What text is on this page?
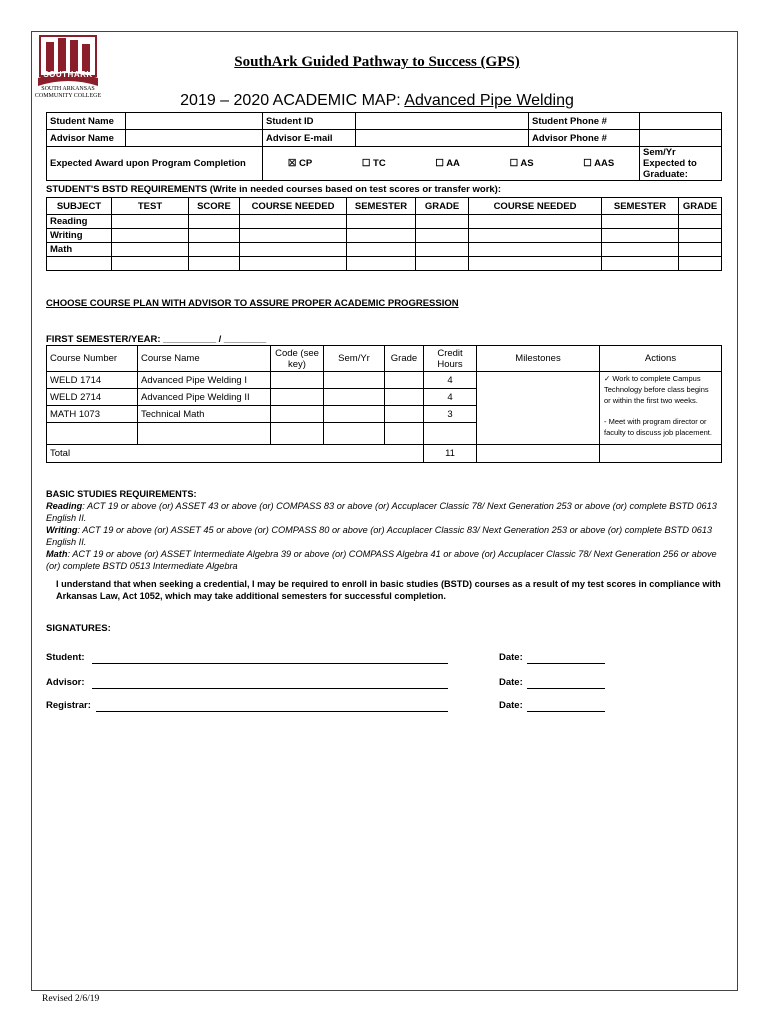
SOUTHARK
SOUTH ARKANSAS
COMMUNITY COLLEGE
SouthArk Guided Pathway to Success (GPS)
2019 – 2020 ACADEMIC MAP: Advanced Pipe Welding
Student Name		Student ID		Student Phone #	
Advisor Name		Advisor E-mail		Advisor Phone #	
Expected Award upon Program Completion		☒ CP ☐ TC ☐ AA ☐ AS ☐ AAS			Sem/Yr Expected to Graduate:
STUDENT'S BSTD REQUIREMENTS (Write in needed courses based on test scores or transfer work):
SUBJECT	TEST	SCORE	COURSE NEEDED	SEMESTER	GRADE	COURSE NEEDED	SEMESTER	GRADE
Reading								
Writing								
Math								

CHOOSE COURSE PLAN WITH ADVISOR TO ASSURE PROPER ACADEMIC PROGRESSION
FIRST SEMESTER/YEAR: __________ / ________
Course Number	Course Name	Code (see key)	Sem/Yr	Grade	Credit Hours	Milestones	Actions
WELD 1714	Advanced Pipe Welding I				4		✓ Work to complete Campus Technology before class begins or within the first two weeks.
- Meet with program director or faculty to discuss job placement.

WELD 2714	Advanced Pipe Welding II				4		
MATH 1073	Technical Math				3		

Total					11		
BASIC STUDIES REQUIREMENTS:
Reading: ACT 19 or above (or) ASSET 43 or above (or) COMPASS 83 or above (or) Accuplacer Classic 78/ Next Generation 253 or above (or) complete BSTD 0613 English II.
Writing: ACT 19 or above (or) ASSET 45 or above (or) COMPASS 80 or above (or) Accuplacer Classic 83/ Next Generation 253 or above (or) complete BSTD 0613 English II.
Math: ACT 19 or above (or) ASSET Intermediate Algebra 39 or above (or) COMPASS Algebra 41 or above (or) Accuplacer Classic 78/ Next Generation 256 or above (or) complete BSTD 0513 Intermediate Algebra
I understand that when seeking a credential, I may be required to enroll in basic studies (BSTD) courses as a result of my test scores in compliance with Arkansas Law, Act 1052, which may take additional semesters for successful completion.
SIGNATURES:
Student:	Date:
Advisor:	Date:
Registrar:	Date:
Revised 2/6/19
